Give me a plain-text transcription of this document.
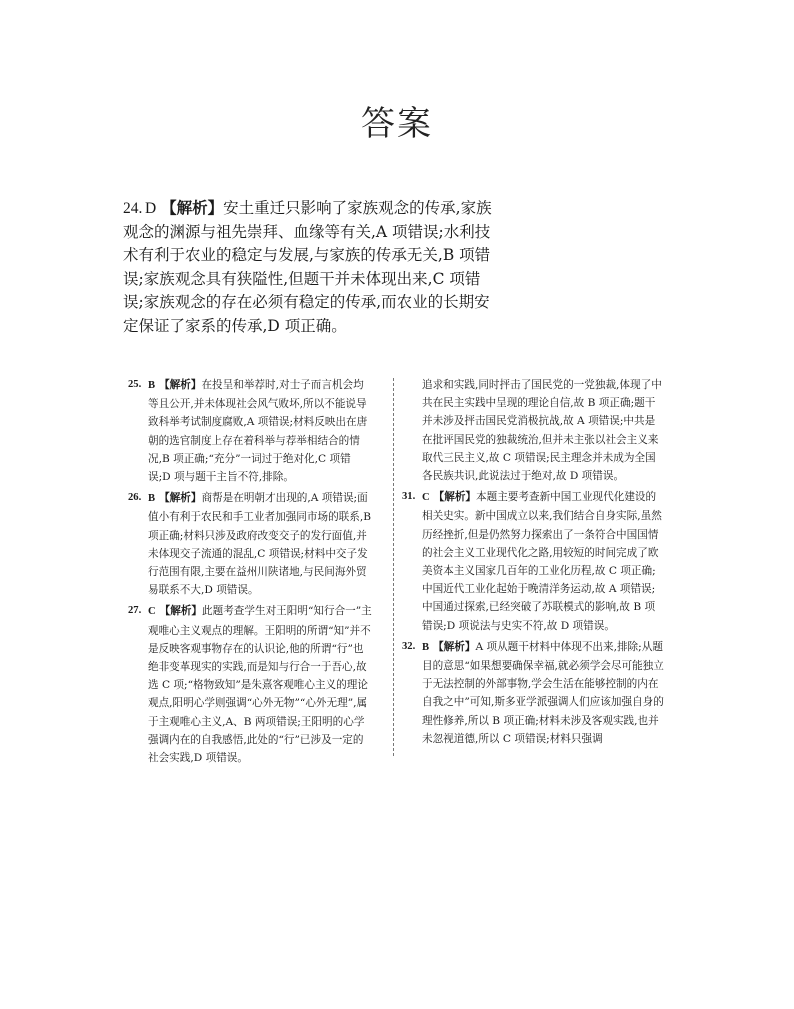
答案
24. D 【解析】安土重迁只影响了家族观念的传承,家族观念的渊源与祖先崇拜、血缘等有关,A 项错误;水利技术有利于农业的稳定与发展,与家族的传承无关,B 项错误;家族观念具有狭隘性,但题干并未体现出来,C 项错误;家族观念的存在必须有稳定的传承,而农业的长期安定保证了家系的传承,D 项正确。
25. B 【解析】在投呈和举荐时,对士子而言机会均等且公开,并未体现社会风气败坏,所以不能说导致科举考试制度腐败,A 项错误;材料反映出在唐朝的选官制度上存在着科举与荐举相结合的情况,B 项正确;“充分”一词过于绝对化,C 项错误;D 项与题干主旨不符,排除。
26. B 【解析】商帮是在明朝才出现的,A 项错误;面值小有利于农民和手工业者加强同市场的联系,B 项正确;材料只涉及政府改变交子的发行面值,并未体现交子流通的混乱,C 项错误;材料中交子发行范围有限,主要在益州川陕诸地,与民间海外贸易联系不大,D 项错误。
27. C 【解析】此题考查学生对王阳明“知行合一”主观唯心主义观点的理解。王阳明的所谓“知”并不是反映客观事物存在的认识论,他的所谓“行”也绝非变革现实的实践,而是知与行合一于吾心,故选 C 项;“格物致知”是朱熹客观唯心主义的理论观点,阳明心学则强调“心外无物”“心外无理”,属于主观唯心主义,A、B 两项错误;王阳明的心学强调内在的自我感悟,此处的“行”已涉及一定的社会实践,D 项错误。
追求和实践,同时抨击了国民党的一党独裁,体现了中共在民主实践中呈现的理论自信,故 B 项正确;题干并未涉及抨击国民党消极抗战,故 A 项错误;中共是在批评国民党的独裁统治,但并未主张以社会主义来取代三民主义,故 C 项错误;民主理念并未成为全国各民族共识,此说法过于绝对,故 D 项错误。
31. C 【解析】本题主要考查新中国工业现代化建设的相关史实。新中国成立以来,我们结合自身实际,虽然历经挫折,但是仍然努力探索出了一条符合中国国情的社会主义工业现代化之路,用较短的时间完成了欧美资本主义国家几百年的工业化历程,故 C 项正确;中国近代工业化起始于晚清洋务运动,故 A 项错误;中国通过探索,已经突破了苏联模式的影响,故 B 项错误;D 项说法与史实不符,故 D 项错误。
32. B 【解析】A 项从题干材料中体现不出来,排除;从题目的意思“如果想要确保幸福,就必须学会尽可能独立于无法控制的外部事物,学会生活在能够控制的内在自我之中”可知,斯多亚学派强调人们应该加强自身的理性修养,所以 B 项正确;材料未涉及客观实践,也并未忽视道德,所以 C 项错误;材料只强调
